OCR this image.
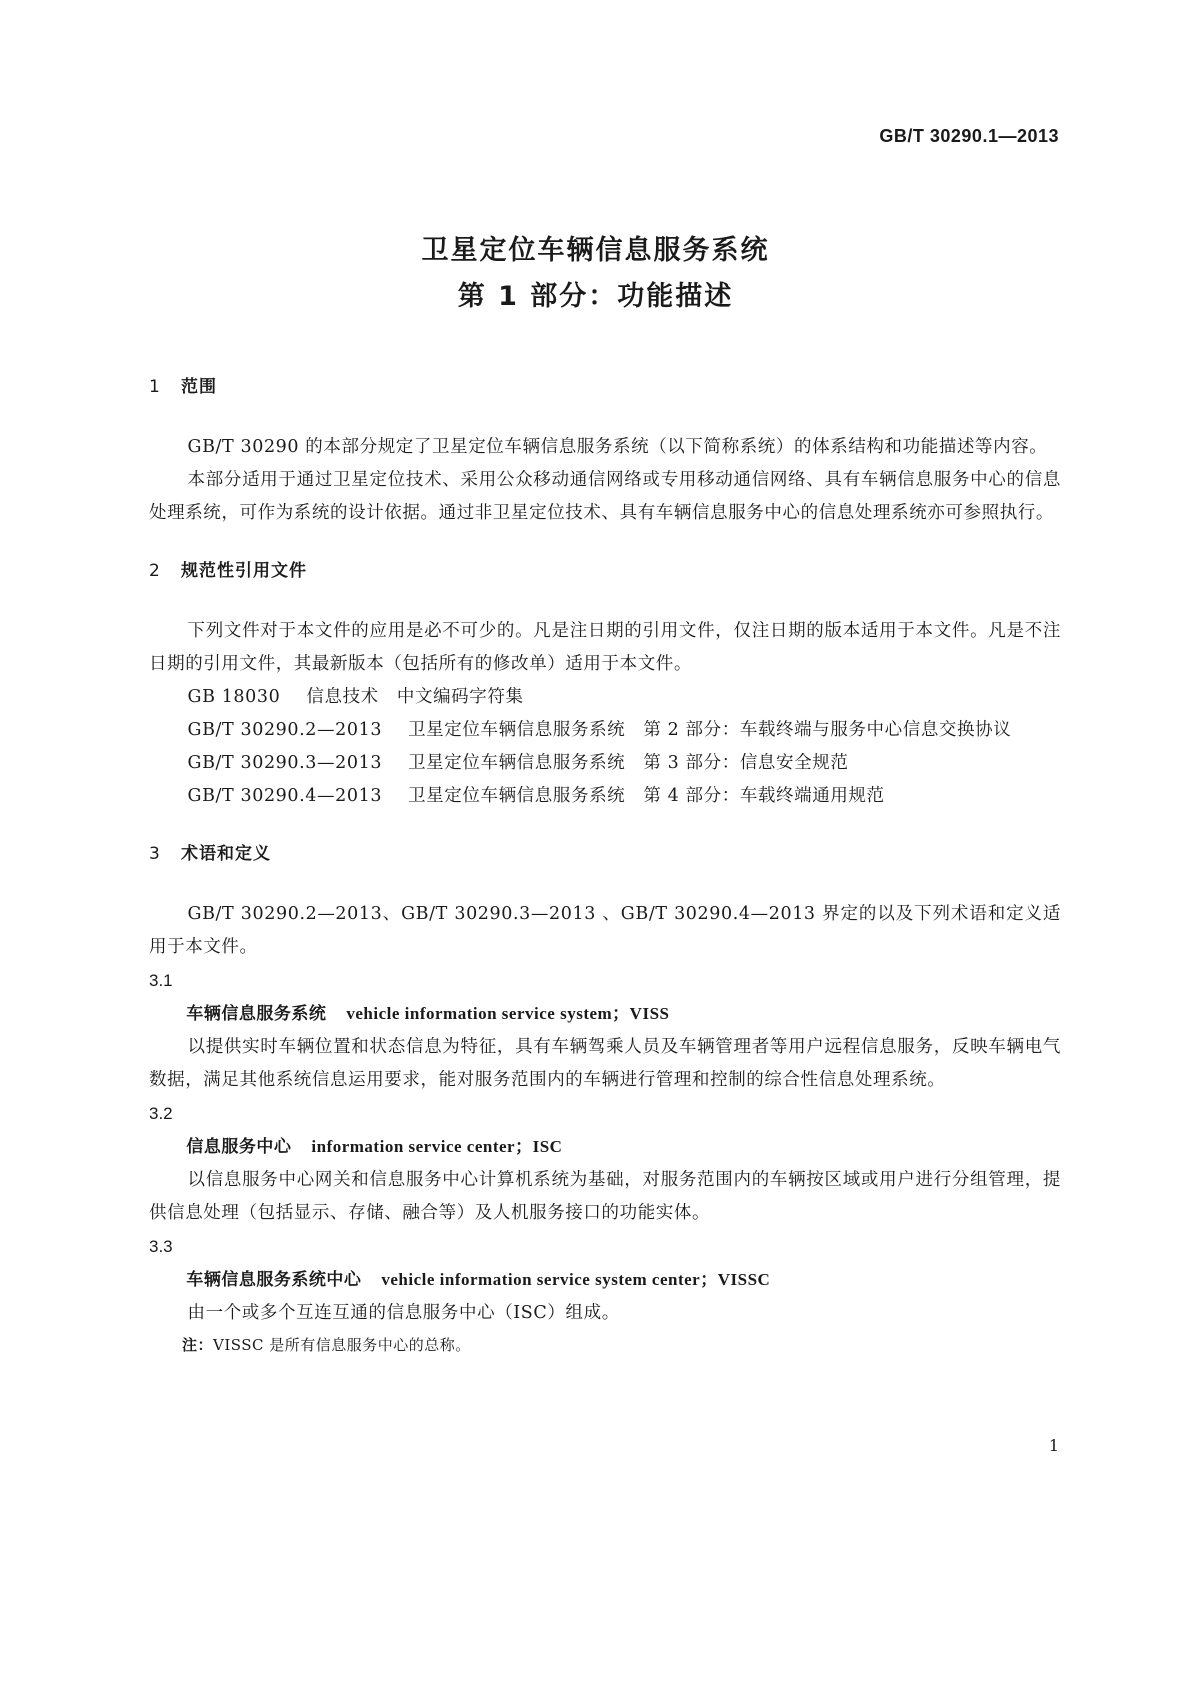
GB/T 30290.1—2013
卫星定位车辆信息服务系统
第 1 部分：功能描述
1 范围

GB/T 30290 的本部分规定了卫星定位车辆信息服务系统（以下简称系统）的体系结构和功能描述等内容。

本部分适用于通过卫星定位技术、采用公众移动通信网络或专用移动通信网络、具有车辆信息服务中心的信息处理系统，可作为系统的设计依据。通过非卫星定位技术、具有车辆信息服务中心的信息处理系统亦可参照执行。

2 规范性引用文件

下列文件对于本文件的应用是必不可少的。凡是注日期的引用文件，仅注日期的版本适用于本文件。凡是不注日期的引用文件，其最新版本（包括所有的修改单）适用于本文件。

GB 18030 信息技术　中文编码字符集

GB/T 30290.2—2013 卫星定位车辆信息服务系统　第 2 部分：车载终端与服务中心信息交换协议

GB/T 30290.3—2013 卫星定位车辆信息服务系统　第 3 部分：信息安全规范

GB/T 30290.4—2013 卫星定位车辆信息服务系统　第 4 部分：车载终端通用规范

3 术语和定义

GB/T 30290.2—2013、GB/T 30290.3—2013 、GB/T 30290.4—2013 界定的以及下列术语和定义适用于本文件。

3.1
车辆信息服务系统 vehicle information service system；VISS

以提供实时车辆位置和状态信息为特征，具有车辆驾乘人员及车辆管理者等用户远程信息服务，反映车辆电气数据，满足其他系统信息运用要求，能对服务范围内的车辆进行管理和控制的综合性信息处理系统。

3.2
信息服务中心 information service center；ISC

以信息服务中心网关和信息服务中心计算机系统为基础，对服务范围内的车辆按区域或用户进行分组管理，提供信息处理（包括显示、存储、融合等）及人机服务接口的功能实体。

3.3
车辆信息服务系统中心 vehicle information service system center；VISSC

由一个或多个互连互通的信息服务中心（ISC）组成。

注：VISSC 是所有信息服务中心的总称。
1
